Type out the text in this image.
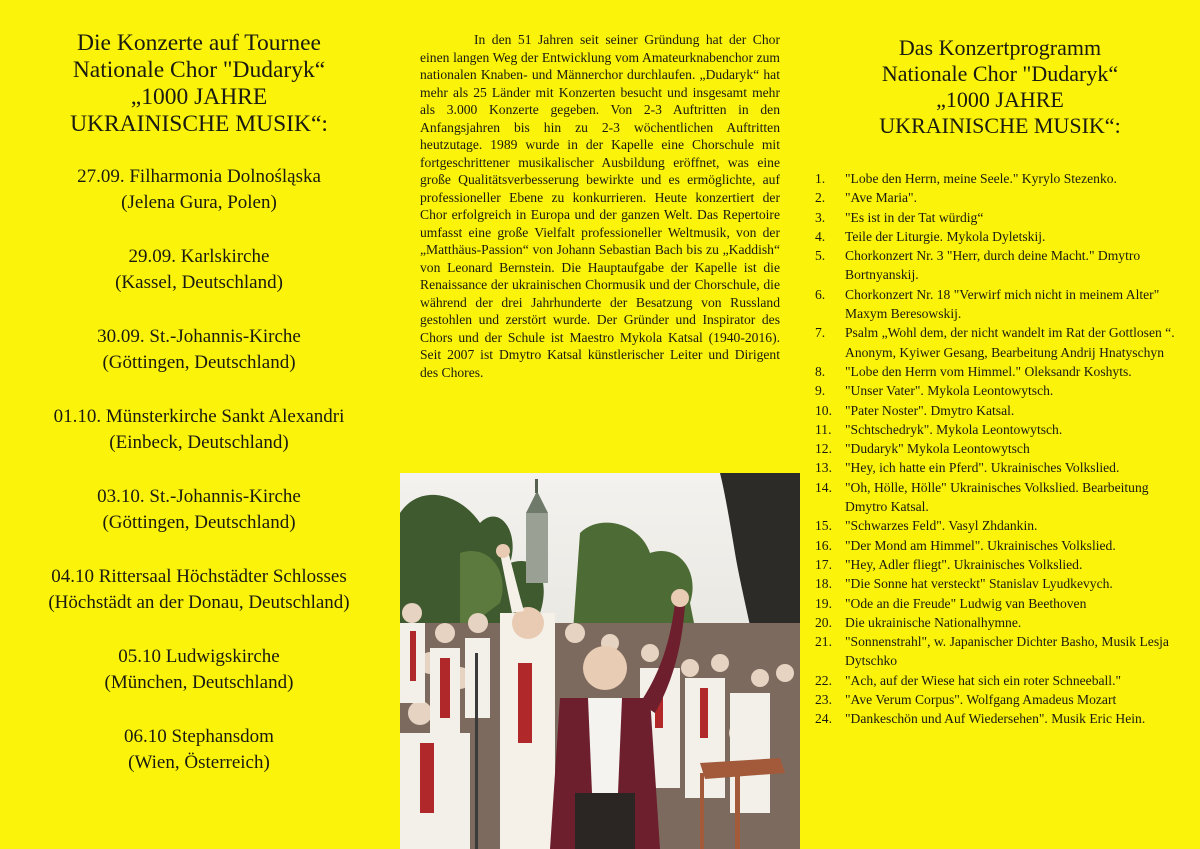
Die Konzerte auf Tournee
Nationale Chor "Dudaryk“
„1000 JAHRE
UKRAINISCHE MUSIK“:
27.09. Filharmonia Dolnośląska
(Jelena Gura, Polen)
29.09. Karlskirche
(Kassel, Deutschland)
30.09. St.-Johannis-Kirche
(Göttingen, Deutschland)
01.10. Münsterkirche Sankt Alexandri
(Einbeck, Deutschland)
03.10. St.-Johannis-Kirche
(Göttingen, Deutschland)
04.10 Rittersaal Höchstädter Schlosses
(Höchstädt an der Donau, Deutschland)
05.10 Ludwigskirche
(München, Deutschland)
06.10 Stephansdom
(Wien, Österreich)

In den 51 Jahren seit seiner Gründung hat der Chor einen langen Weg der Entwicklung vom Amateurknabenchor zum nationalen Knaben- und Männerchor durchlaufen. „Dudaryk“ hat mehr als 25 Länder mit Konzerten besucht und insgesamt mehr als 3.000 Konzerte gegeben. Von 2-3 Auftritten in den Anfangsjahren bis hin zu 2-3 wöchentlichen Auftritten heutzutage. 1989 wurde in der Kapelle eine Chorschule mit fortgeschrittener musikalischer Ausbildung eröffnet, was eine große Qualitätsverbesserung bewirkte und es ermöglichte, auf professioneller Ebene zu konkurrieren. Heute konzertiert der Chor erfolgreich in Europa und der ganzen Welt. Das Repertoire umfasst eine große Vielfalt professioneller Weltmusik, von der „Matthäus-Passion“ von Johann Sebastian Bach bis zu „Kaddish“ von Leonard Bernstein. Die Hauptaufgabe der Kapelle ist die Renaissance der ukrainischen Chormusik und der Chorschule, die während der drei Jahrhunderte der Besatzung von Russland gestohlen und zerstört wurde. Der Gründer und Inspirator des Chors und der Schule ist Maestro Mykola Katsal (1940-2016). Seit 2007 ist Dmytro Katsal künstlerischer Leiter und Dirigent des Chores.

Das Konzertprogramm
Nationale Chor "Dudaryk“
„1000 JAHRE
UKRAINISCHE MUSIK“:
1.	"Lobe den Herrn, meine Seele." Kyrylo Stezenko.
2.	"Ave Maria".
3.	"Es ist in der Tat würdig“
4.	Teile der Liturgie. Mykola Dyletskij.
5.	Chorkonzert Nr. 3 "Herr, durch deine Macht." Dmytro Bortnyanskij.
6.	Chorkonzert Nr. 18 "Verwirf mich nicht in meinem Alter" Maxym Beresowskij.
7.	Psalm „Wohl dem, der nicht wandelt im Rat der Gottlosen “. Anonym, Kyiwer Gesang, Bearbeitung Andrij Hnatyschyn
8.	"Lobe den Herrn vom Himmel." Oleksandr Koshyts.
9.	"Unser Vater". Mykola Leontowytsch.
10. "Pater Noster". Dmytro Katsal.
11. "Schtschedryk". Mykola Leontowytsch.
12. "Dudaryk" Mykola Leontowytsch
13. "Hey, ich hatte ein Pferd". Ukrainisches Volkslied.
14. "Oh, Hölle, Hölle" Ukrainisches Volkslied. Bearbeitung Dmytro Katsal.
15. "Schwarzes Feld". Vasyl Zhdankin.
16. "Der Mond am Himmel". Ukrainisches Volkslied.
17. "Hey, Adler fliegt". Ukrainisches Volkslied.
18. "Die Sonne hat versteckt" Stanislav Lyudkevych.
19. "Ode an die Freude" Ludwig van Beethoven
20. Die ukrainische Nationalhymne.
21. "Sonnenstrahl", w. Japanischer Dichter Basho, Musik Lesja Dytschko
22. "Ach, auf der Wiese hat sich ein roter Schneeball."
23. "Ave Verum Corpus". Wolfgang Amadeus Mozart
24. "Dankeschön und Auf Wiedersehen". Musik Eric Hein.
